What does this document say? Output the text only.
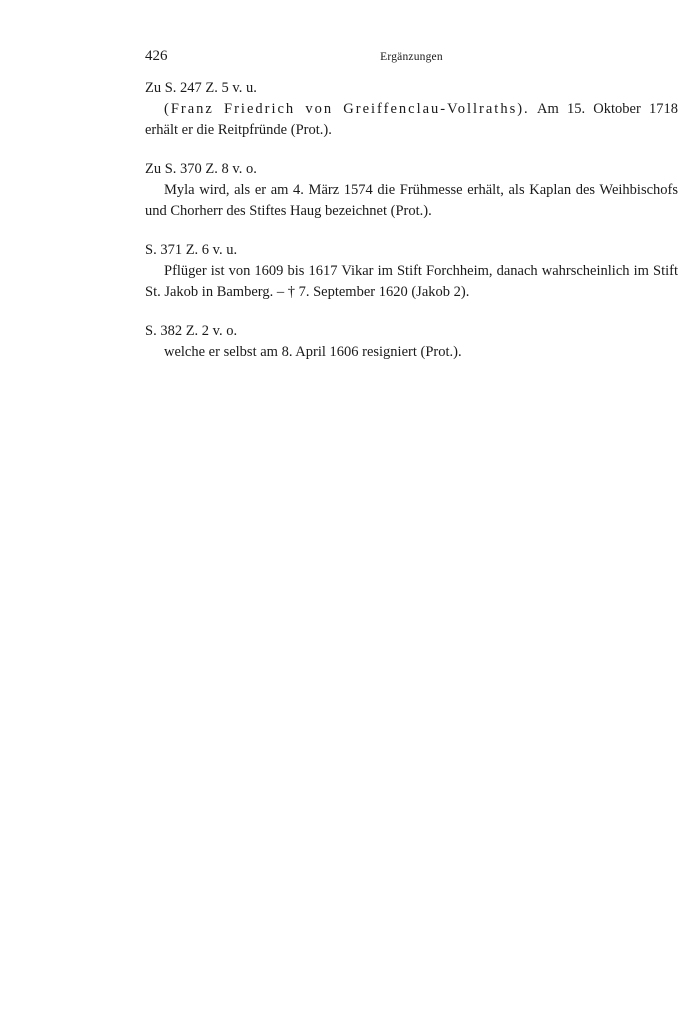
426	Ergänzungen

Zu S. 247 Z. 5 v. u.

(Franz Friedrich von Greiffenclau-Vollraths). Am 15. Oktober 1718 erhält er die Reitpfründe (Prot.).

Zu S. 370 Z. 8 v. o.

Myla wird, als er am 4. März 1574 die Frühmesse erhält, als Kaplan des Weihbischofs und Chorherr des Stiftes Haug bezeichnet (Prot.).

S. 371 Z. 6 v. u.

Pflüger ist von 1609 bis 1617 Vikar im Stift Forchheim, danach wahrscheinlich im Stift St. Jakob in Bamberg. – † 7. September 1620 (Jakob 2).

S. 382 Z. 2 v. o.

welche er selbst am 8. April 1606 resigniert (Prot.).
